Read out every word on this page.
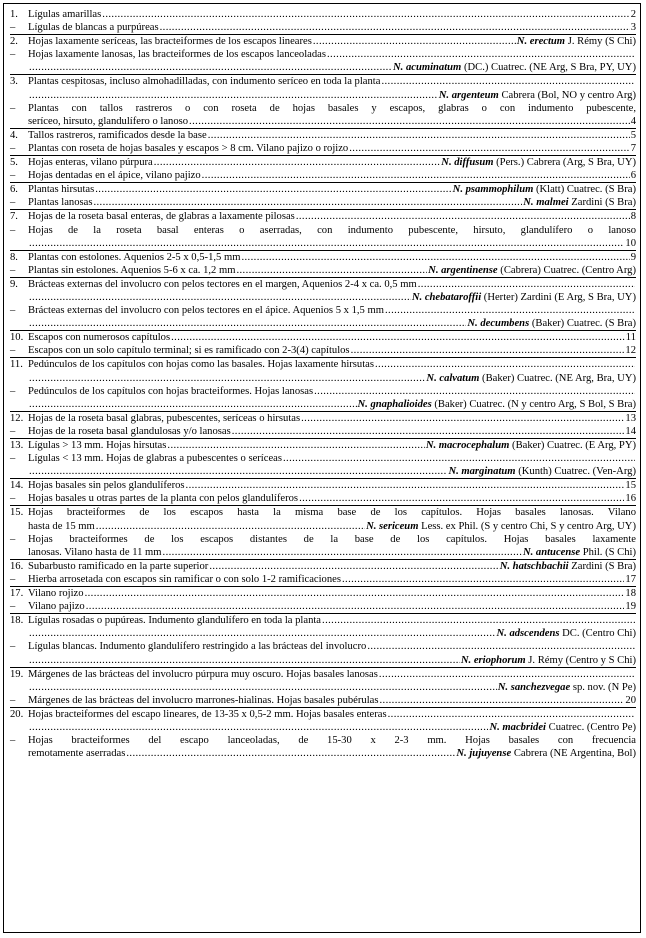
1. Lígulas amarillas .....	2
– Lígulas de blancas a purpúreas .....	3
2. Hojas laxamente seríceas, las bracteiformes de los escapos lineares .....	N. erectum J. Rémy (S Chi)
– Hojas laxamente lanosas, las bracteiformes de los escapos lanceoladas
.....
.....
N. acuminatum (DC.) Cuatrec. (NE Arg, S Bra, PY, UY)
3. Plantas cespitosas, incluso almohadilladas, con indumento seríceo en toda la planta
.....
.....
N. argenteum Cabrera (Bol, NO y centro Arg)
– Plantas con tallos rastreros o con roseta de hojas basales y escapos, glabras o con indumento pubescente,
seríceo, hirsuto, glandulífero o lanoso .....	4
4. Tallos rastreros, ramificados desde la base .....	5
– Plantas con roseta de hojas basales y escapos > 8 cm. Vilano pajizo o rojizo .....	7
5. Hojas enteras, vilano púrpura .....	N. diffusum (Pers.) Cabrera (Arg, S Bra, UY)
– Hojas dentadas en el ápice, vilano pajizo .....	6
6. Plantas hirsutas .....	N. psammophilum (Klatt) Cuatrec. (S Bra)
– Plantas lanosas .....	N. malmei Zardini (S Bra)
7. Hojas de la roseta basal enteras, de glabras a laxamente pilosas .....	8
– Hojas de la roseta basal enteras o aserradas, con indumento pubescente, hirsuto, glandulífero o lanoso
.....
10
8. Plantas con estolones. Aquenios 2-5 x 0,5-1,5 mm .....	9
– Plantas sin estolones. Aquenios 5-6 x ca. 1,2 mm .....	N. argentinense (Cabrera) Cuatrec. (Centro Arg)
9. Brácteas externas del involucro con pelos tectores en el margen, Aquenios 2-4 x ca. 0,5 mm
.....
.....
N. chebataroffii (Herter) Zardini (E Arg, S Bra, UY)
– Brácteas externas del involucro con pelos tectores en el ápice. Aquenios 5 x 1,5 mm
.....
.....
N. decumbens (Baker) Cuatrec. (S Bra)
10. Escapos con numerosos capítulos .....	11
– Escapos con un solo capítulo terminal; si es ramificado con 2-3(4) capítulos .....	12
11. Pedúnculos de los capítulos con hojas como las basales. Hojas laxamente hirsutas
.....
.....
N. calvatum (Baker) Cuatrec. (NE Arg, Bra, UY)
– Pedúnculos de los capítulos con hojas bracteiformes. Hojas lanosas
.....
.....
N. gnaphalioides (Baker) Cuatrec. (N y centro Arg, S Bol, S Bra)
12. Hojas de la roseta basal glabras, pubescentes, seríceas o hirsutas .....	13
– Hojas de la roseta basal glandulosas y/o lanosas .....	14
13. Lígulas > 13 mm. Hojas hirsutas .....	N. macrocephalum (Baker) Cuatrec. (E Arg, PY)
– Lígulas < 13 mm. Hojas de glabras a pubescentes o seríceas
.....
.....
N. marginatum (Kunth) Cuatrec. (Ven-Arg)
14. Hojas basales sin pelos glandulíferos .....	15
– Hojas basales u otras partes de la planta con pelos glandulíferos .....	16
15. Hojas bracteiformes de los escapos hasta la misma base de los capítulos. Hojas basales lanosas. Vilano
hasta de 15 mm .....	N. sericeum Less. ex Phil. (S y centro Chi, S y centro Arg, UY)
– Hojas bracteiformes de los escapos distantes de la base de los capítulos. Hojas basales laxamente
lanosas. Vilano hasta de 11 mm .....	N. antucense Phil. (S Chi)
16. Subarbusto ramificado en la parte superior .....	N. hatschbachii Zardini (S Bra)
– Hierba arrosetada con escapos sin ramificar o con solo 1-2 ramificaciones .....	17
17. Vilano rojizo .....	18
– Vilano pajizo .....	19
18. Lígulas rosadas o pupúreas. Indumento glandulífero en toda la planta
.....
.....
N. adscendens DC. (Centro Chi)
– Lígulas blancas. Indumento glandulífero restringido a las brácteas del involucro
.....
.....
N. eriophorum J. Rémy (Centro y S Chi)
19. Márgenes de las brácteas del involucro púrpura muy oscuro. Hojas basales lanosas
.....
.....
N. sanchezvegae sp. nov. (N Pe)
– Márgenes de las brácteas del involucro marrones-hialinas. Hojas basales pubérulas .....	20
20. Hojas bracteiformes del escapo lineares, de 13-35 x 0,5-2 mm. Hojas basales enteras
.....
.....
N. macbridei Cuatrec. (Centro Pe)
– Hojas bracteiformes del escapo lanceoladas, de 15-30 x 2-3 mm. Hojas basales con frecuencia
remotamente aserradas .....	N. jujuyense Cabrera (NE Argentina, Bol)
